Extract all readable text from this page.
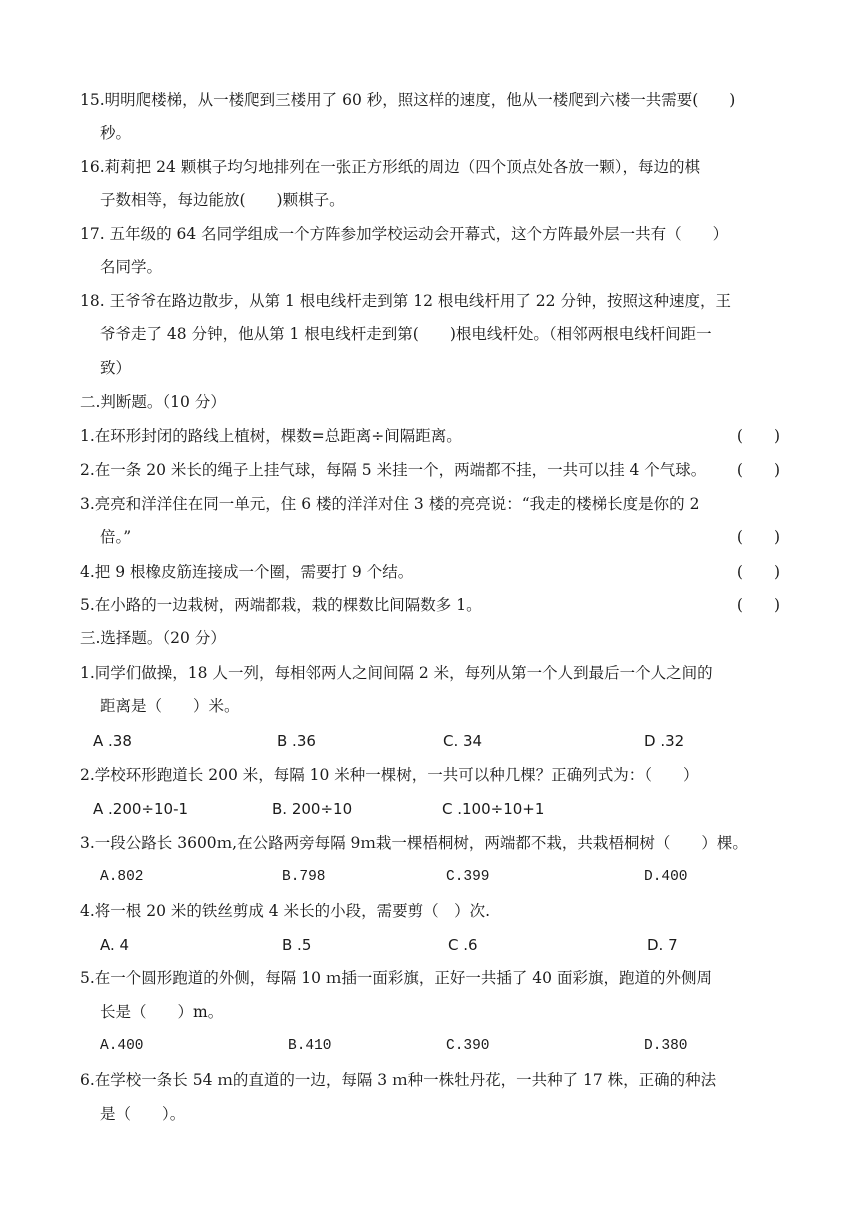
15.明明爬楼梯，从一楼爬到三楼用了 60 秒，照这样的速度，他从一楼爬到六楼一共需要(　　)
秒。
16.莉莉把 24 颗棋子均匀地排列在一张正方形纸的周边（四个顶点处各放一颗），每边的棋
子数相等，每边能放(　　)颗棋子。
17. 五年级的 64 名同学组成一个方阵参加学校运动会开幕式，这个方阵最外层一共有（　　）
名同学。
18. 王爷爷在路边散步，从第 1 根电线杆走到第 12 根电线杆用了 22 分钟，按照这种速度，王
爷爷走了 48 分钟，他从第 1 根电线杆走到第(　　)根电线杆处。（相邻两根电线杆间距一
致）
二.判断题。（10 分）
1.在环形封闭的路线上植树，棵数=总距离÷间隔距离。	(　　)
2.在一条 20 米长的绳子上挂气球，每隔 5 米挂一个，两端都不挂，一共可以挂 4 个气球。 (　　)
3.亮亮和洋洋住在同一单元，住 6 楼的洋洋对住 3 楼的亮亮说：“我走的楼梯长度是你的 2
倍。”	(　　)
4.把 9 根橡皮筋连接成一个圈，需要打 9 个结。	(　　)
5.在小路的一边栽树，两端都栽，栽的棵数比间隔数多 1。	(　　)
三.选择题。（20 分）
1.同学们做操，18 人一列，每相邻两人之间间隔 2 米，每列从第一个人到最后一个人之间的
距离是（　　）米。
A .38	B .36	C. 34	D .32
2.学校环形跑道长 200 米，每隔 10 米种一棵树，一共可以种几棵？正确列式为：（　　）
A .200÷10-1	B. 200÷10	C .100÷10+1
3.一段公路长 3600ｍ,在公路两旁每隔 9ｍ栽一棵梧桐树，两端都不栽，共栽梧桐树（　　）棵。
A.802	B.798	C.399	D.400
4.将一根 20 米的铁丝剪成 4 米长的小段，需要剪（　）次.
A. 4	B .5	C .6	D. 7
5.在一个圆形跑道的外侧，每隔 10 ｍ插一面彩旗，正好一共插了 40 面彩旗，跑道的外侧周
长是（　　）m。
A.400	B.410	C.390	D.380
6.在学校一条长 54 ｍ的直道的一边，每隔 3 ｍ种一株牡丹花，一共种了 17 株，正确的种法
是（　　）。
